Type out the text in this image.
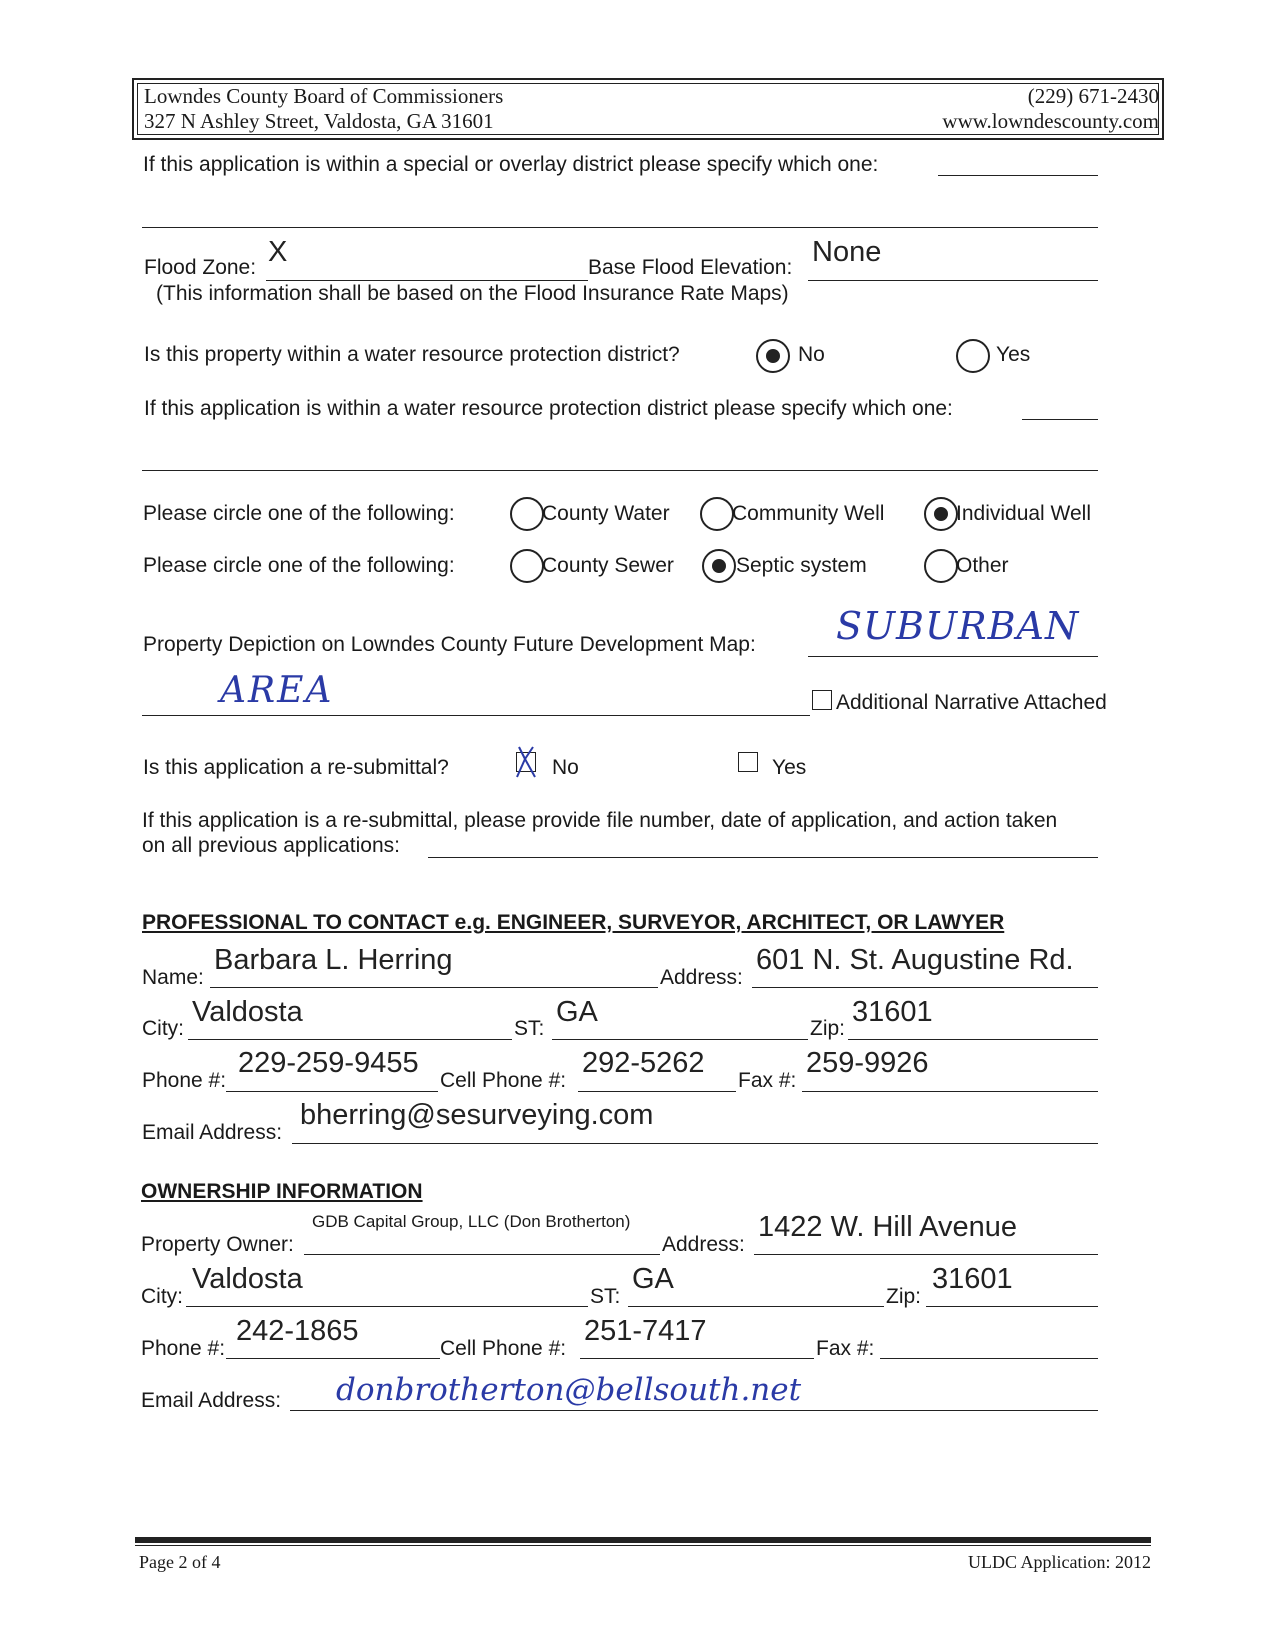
Lowndes County Board of Commissioners
327 N Ashley Street, Valdosta, GA 31601
(229) 671-2430
www.lowndescounty.com
If this application is within a special or overlay district please specify which one:
Flood Zone: X	Base Flood Elevation: None
(This information shall be based on the Flood Insurance Rate Maps)
Is this property within a water resource protection district?	No	Yes
If this application is within a water resource protection district please specify which one:
Please circle one of the following:	County Water	Community Well	Individual Well
Please circle one of the following:	County Sewer	Septic system	Other
Property Depiction on Lowndes County Future Development Map: SUBURBAN
AREA	Additional Narrative Attached
Is this application a re-submittal?	No	Yes
If this application is a re-submittal, please provide file number, date of application, and action taken
on all previous applications:
PROFESSIONAL TO CONTACT e.g. ENGINEER, SURVEYOR, ARCHITECT, OR LAWYER
Name:
Barbara L. Herring
Address:
601 N. St. Augustine Rd.
City:
Valdosta
ST:
GA
Zip:
31601
Phone #:
229-259-9455
Cell Phone #:
292-5262
Fax #:
259-9926
Email Address:
bherring@sesurveying.com
OWNERSHIP INFORMATION
Property Owner:
GDB Capital Group, LLC (Don Brotherton)
Address:
1422 W. Hill Avenue
City:
Valdosta
ST:
GA
Zip:
31601
Phone #:
242-1865
Cell Phone #:
251-7417
Fax #:
Email Address: donbrotherton@bellsouth.net
Page 2 of 4	ULDC Application: 2012
